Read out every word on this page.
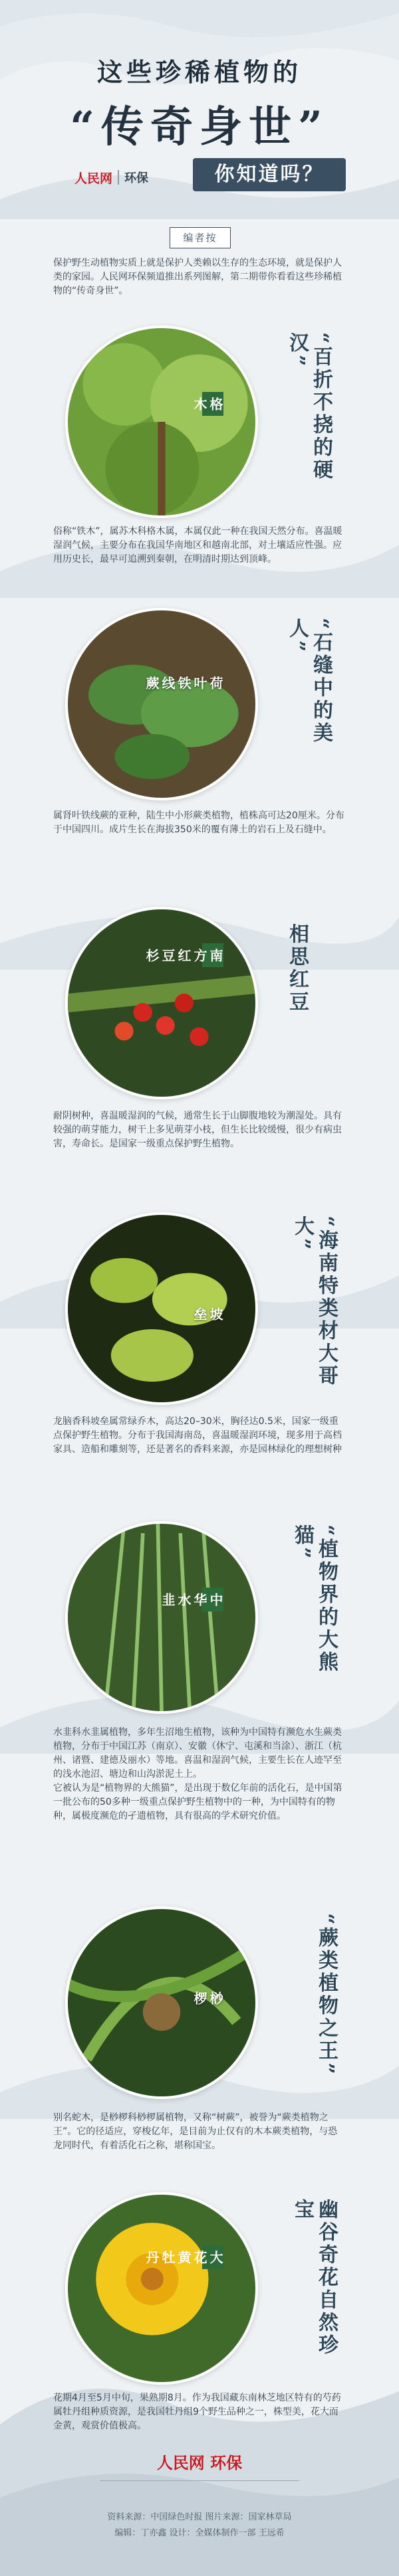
这些珍稀植物的
“传奇身世”
人民网 环保	你知道吗？
编者按
保护野生动植物实质上就是保护人类赖以生存的生态环境，就是保护人类的家园。人民网环保频道推出系列图解，第二期带你看看这些珍稀植物的“传奇身世”。
格木	“百折不挠的硬汉”
俗称“铁木”，属苏木科格木属，本属仅此一种在我国天然分布。喜温暖湿润气候，主要分布在我国华南地区和越南北部，对土壤适应性强。应用历史长，最早可追溯到秦朝，在明清时期达到顶峰。
荷叶铁线蕨	“石缝中的美人”
属肾叶铁线蕨的亚种，陆生中小形蕨类植物，植株高可达20厘米。分布于中国四川。成片生长在海拔350米的覆有薄土的岩石上及石缝中。
南方红豆杉	相思红豆
耐阴树种，喜温暖湿润的气候，通常生长于山脚腹地较为潮湿处。具有较强的萌芽能力，树干上多见萌芽小枝，但生长比较缓慢，很少有病虫害，寿命长。是国家一级重点保护野生植物。
坡垒	“海南特类材大哥大”
龙脑香科坡垒属常绿乔木，高达20–30米，胸径达0.5米，国家一级重点保护野生植物。分布于我国海南岛，喜温暖湿润环境，现多用于高档家具、造船和雕刻等，还是著名的香料来源，亦是园林绿化的理想树种
中华水韭	“植物界的大熊猫”
水韭科水韭属植物，多年生沼地生植物，该种为中国特有濒危水生蕨类植物，分布于中国江苏（南京）、安徽（休宁、屯溪和当涂）、浙江（杭州、诸暨、建德及丽水）等地。喜温和湿润气候，主要生长在人迹罕至的浅水池沼、塘边和山沟淤泥土上。
它被认为是“植物界的大熊猫”，是出现于数亿年前的活化石，是中国第一批公布的50多种一级重点保护野生植物中的一种，为中国特有的物种，属极度濒危的孑遗植物，具有很高的学术研究价值。
桫椤	“蕨类植物之王”
别名蛇木，是桫椤科桫椤属植物，又称“树蕨”，被誉为“蕨类植物之王”。它的径适应，穿梭亿年，是目前为止仅有的木本蕨类植物，与恐龙同时代，有着活化石之称，堪称国宝。
大花黄牡丹	幽谷奇花自然珍宝
花期4月至5月中旬，果熟期8月。作为我国藏东南林芝地区特有的芍药属牡丹组种质资源，是我国牡丹组9个野生品种之一，株型美，花大而金黄，观赏价值极高。
人民网 环保
资料来源：中国绿色时报 图片来源：国家林草局
编辑：丁亦鑫 设计：全媒体制作一部 王远希
